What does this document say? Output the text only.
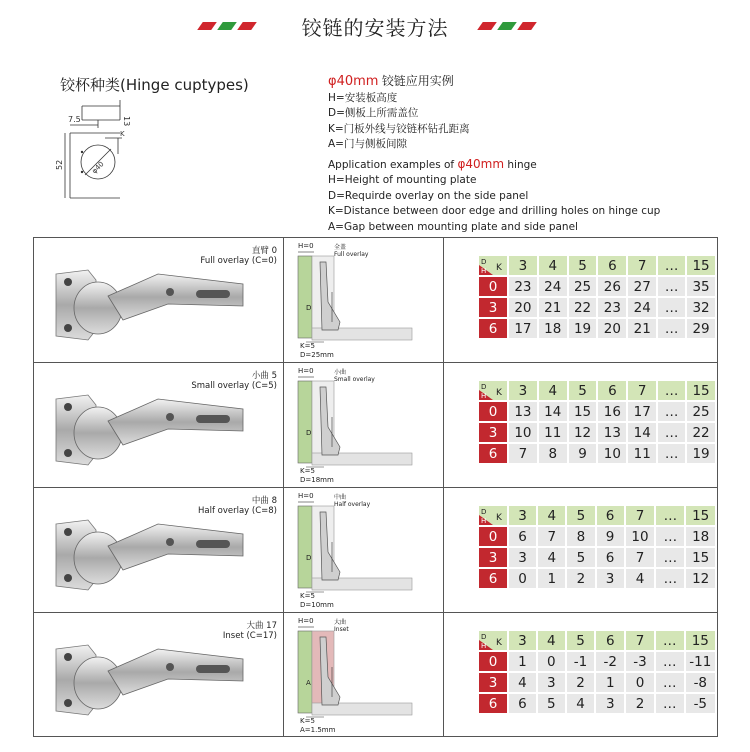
铰链的安装方法
铰杯种类(Hinge cuptypes)
7.5	13
52	φ40
K
φ40mm 铰链应用实例
H=安装板高度
D=侧板上所需盖位
K=门板外线与铰链杯钻孔距离
A=门与侧板间隙
Application examples of φ40mm hinge
H=Height of mounting plate
D=Requirde overlay on the side panel
K=Distance between door edge and drilling holes on hinge cup
A=Gap between mounting plate and side panel
直臂 0
Full overlay (C=0)
H=0	全盖
Full overlay
D
K=5
D=25mm
D
H K	3	4	5	6	7	…	15
0	23	24	25	26	27	…	35
3	20	21	22	23	24	…	32
6	17	18	19	20	21	…	29
小曲 5
Small overlay (C=5)
H=0	小曲
Small overlay
D
K=5
D=18mm
D
H K	3	4	5	6	7	…	15
0	13	14	15	16	17	…	25
3	10	11	12	13	14	…	22
6	7	8	9	10	11	…	19
中曲 8
Half overlay (C=8)
H=0	中曲
Half overlay
D
K=5
D=10mm
D
H K	3	4	5	6	7	…	15
0	6	7	8	9	10	…	18
3	3	4	5	6	7	…	15
6	0	1	2	3	4	…	12
大曲 17
Inset (C=17)
H=0	大曲
Inset
A
K=5
A=1.5mm
D
H K	3	4	5	6	7	…	15
0	1	0	-1	-2	-3	…	-11
3	4	3	2	1	0	…	-8
6	6	5	4	3	2	…	-5
